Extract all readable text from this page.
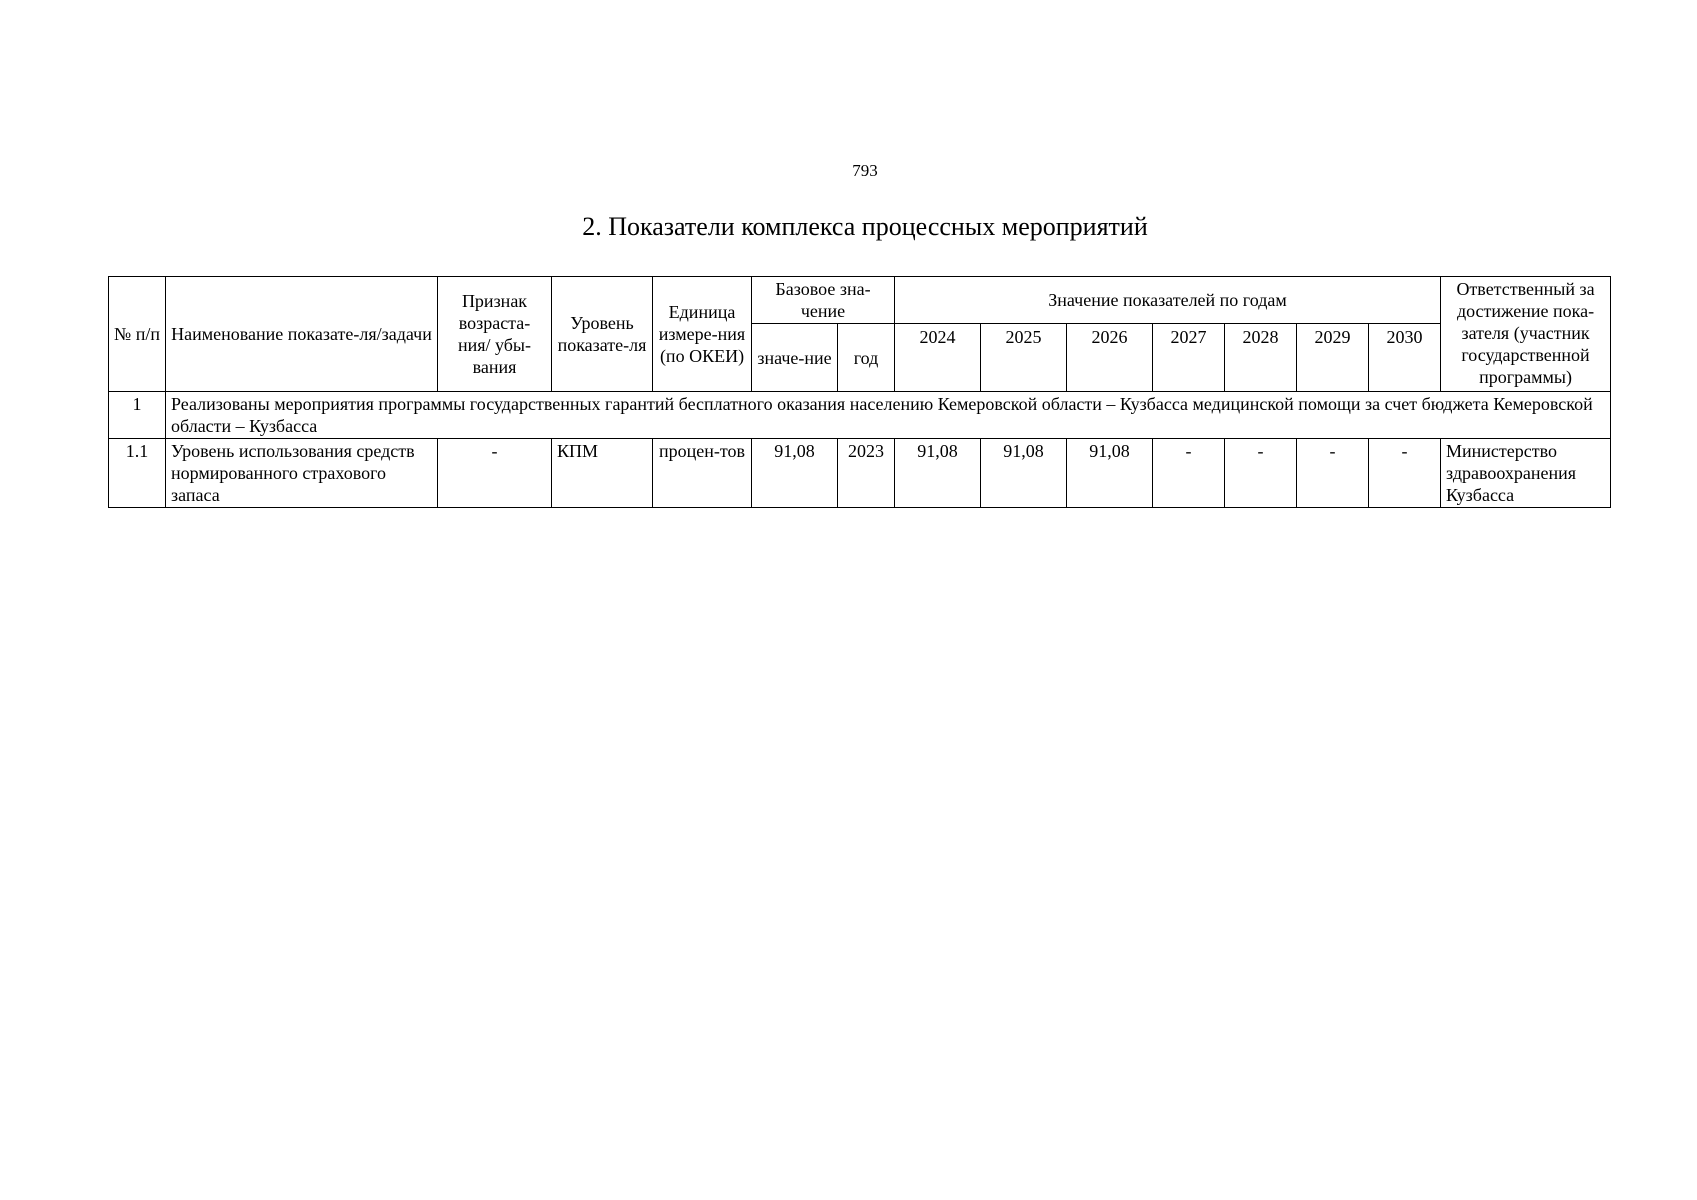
793
2. Показатели комплекса процессных мероприятий
№ п/п	Наименование показате-ля/задачи	Признак возраста-ния/ убы-вания	Уровень показате-ля	Единица измере-ния (по ОКЕИ)	Базовое зна-чение		Значение показателей по годам							Ответственный за достижение пока-зателя (участник государственной программы)
					значе-ние	год	2024	2025	2026	2027	2028	2029	2030	
1	Реализованы мероприятия программы государственных гарантий бесплатного оказания населению Кемеровской области – Кузбасса медицинской помощи за счет бюджета Кемеровской области – Кузбасса													
1.1	Уровень использования средств нормированного страхового запаса	-	КПМ	процен-тов	91,08	2023	91,08	91,08	91,08	-	-	-	-	Министерство здравоохранения Кузбасса
